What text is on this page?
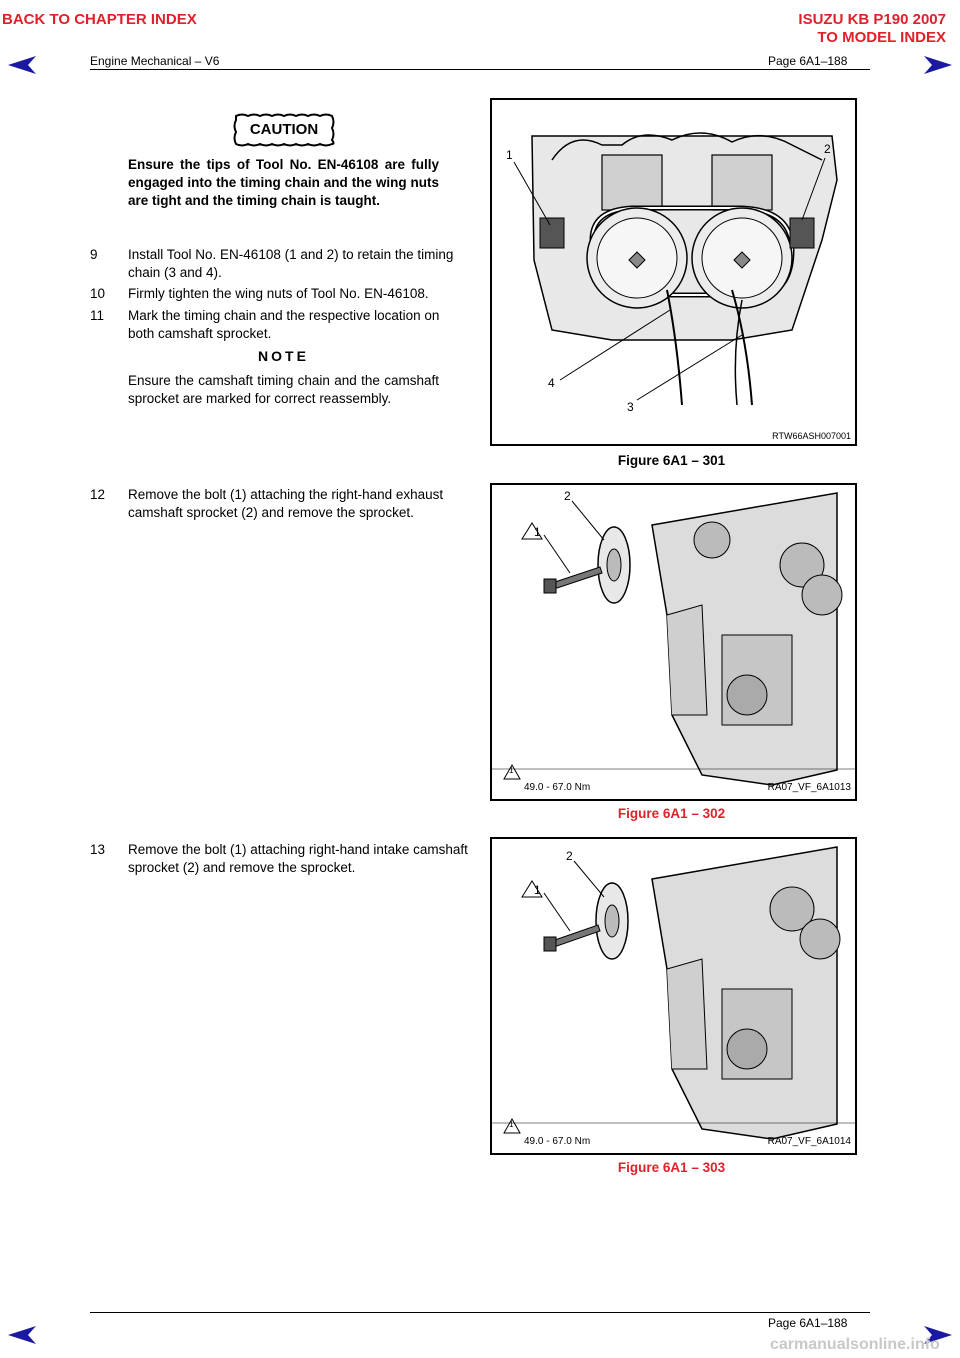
BACK TO CHAPTER INDEX	ISUZU KB P190 2007
TO MODEL INDEX
Engine Mechanical – V6	Page 6A1–188
CAUTION
Ensure the tips of Tool No. EN-46108 are fully engaged into the timing chain and the wing nuts are tight and the timing chain is taught.
9	Install Tool No. EN-46108 (1 and 2) to retain the timing chain (3 and 4).
10	Firmly tighten the wing nuts of Tool No. EN-46108.
11	Mark the timing chain and the respective location on both camshaft sprocket.
NOTE
Ensure the camshaft timing chain and the camshaft sprocket are marked for correct reassembly.
1	2
3
4
RTW66ASH007001
Figure 6A1 – 301
12	Remove the bolt (1) attaching the right-hand exhaust camshaft sprocket (2) and remove the sprocket.
2
1
1
49.0 - 67.0 Nm	RA07_VF_6A1013
Figure 6A1 – 302
13	Remove the bolt (1) attaching right-hand intake camshaft sprocket (2) and remove the sprocket.
2
1
1
49.0 - 67.0 Nm	RA07_VF_6A1014
Figure 6A1 – 303
Page 6A1–188
carmanualsonline.info
